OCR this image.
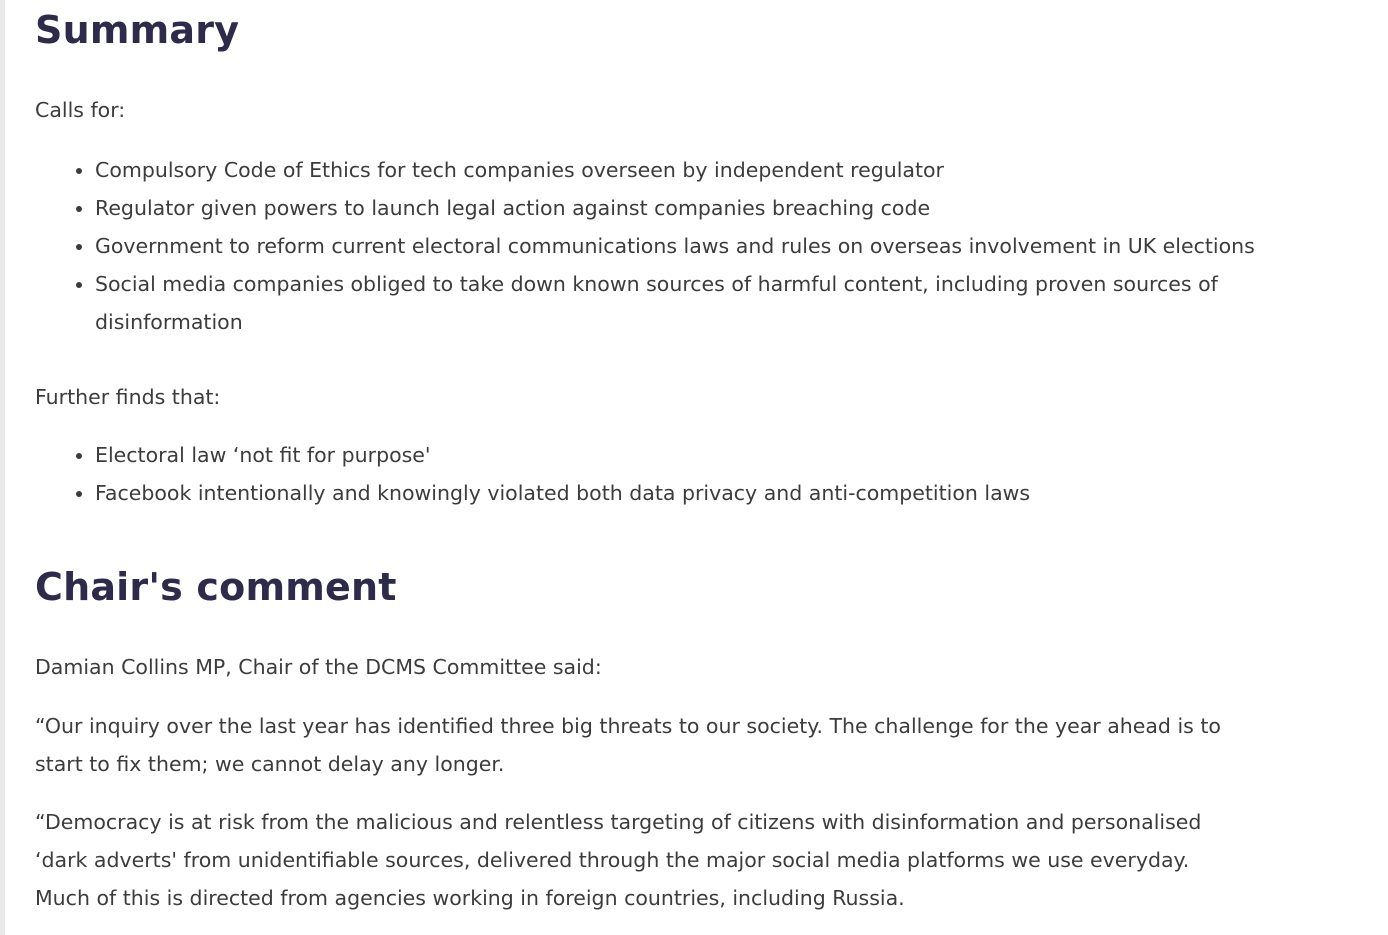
Summary

Calls for:

Compulsory Code of Ethics for tech companies overseen by independent regulator
Regulator given powers to launch legal action against companies breaching code
Government to reform current electoral communications laws and rules on overseas involvement in UK elections
Social media companies obliged to take down known sources of harmful content, including proven sources of disinformation

Further finds that:

Electoral law ‘not fit for purpose'
Facebook intentionally and knowingly violated both data privacy and anti-competition laws
Chair's comment

Damian Collins MP, Chair of the DCMS Committee said:

“Our inquiry over the last year has identified three big threats to our society. The challenge for the year ahead is to start to fix them; we cannot delay any longer.

“Democracy is at risk from the malicious and relentless targeting of citizens with disinformation and personalised ‘dark adverts' from unidentifiable sources, delivered through the major social media platforms we use everyday. Much of this is directed from agencies working in foreign countries, including Russia.
